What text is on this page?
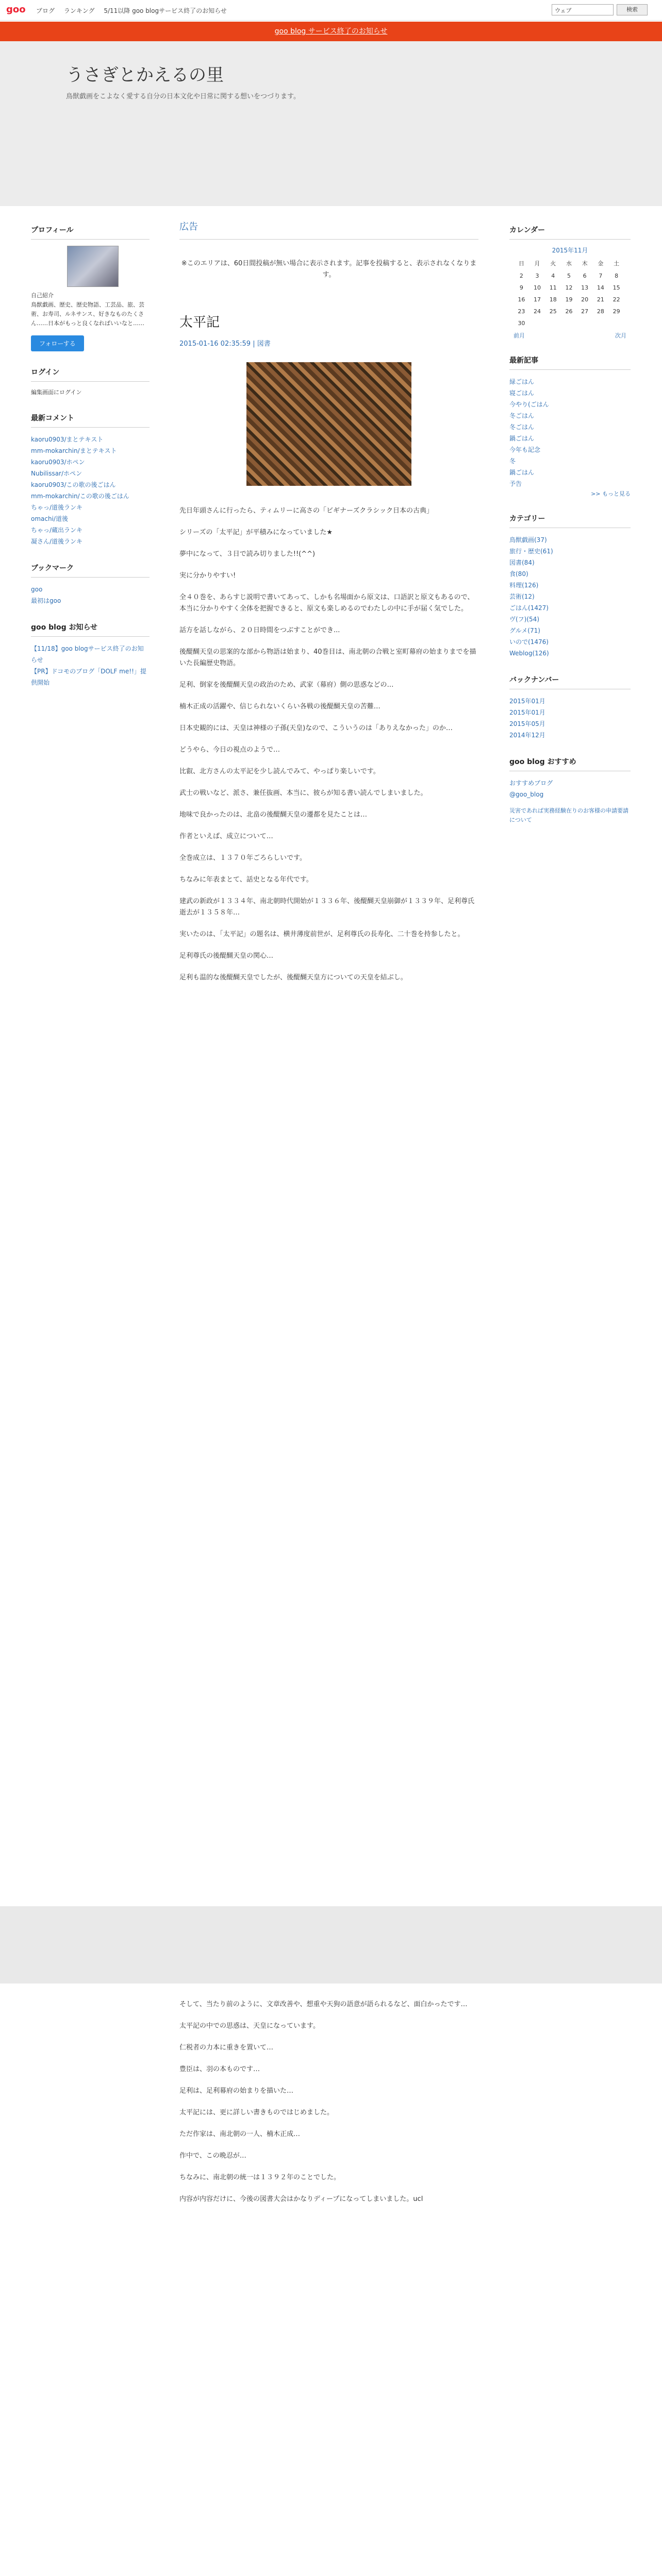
goo ブログ ランキング 5/11以降 goo blogサービス終了のお知らせ	ウェブ	検索
goo blog サービス終了のお知らせ
うさぎとかえるの里
鳥獣戯画をこよなく愛する自分の日本文化や日常に関する想いをつづります。
プロフィール
自己紹介
鳥獣戯画、歴史、歴史物語、工芸品、旅、芸術、お寿司、ルネサンス、好きなものたくさん……日本がもっと良くなればいいなと……
フォローする
ログイン
編集画面にログイン
最新コメント
kaoru0903/まとテキスト
mm-mokarchin/まとテキスト
kaoru0903/ホペン
Nubilissar/ホペン
kaoru0903/この歌の後ごはん
mm-mokarchin/この歌の後ごはん
ちゃっ/道後ランキ
omachi/道後
ちゃっ/蔵出ランキ
凝さん/道後ランキ
ブックマーク
goo
最初はgoo
goo blog お知らせ
【11/18】goo blogサービス終了のお知らせ
【PR】ドコモのブログ「DOLF me!!」提供開始
広告
※このエリアは、60日間投稿が無い場合に表示されます。記事を投稿すると、表示されなくなります。
太平記
2015-01-16 02:35:59 | 図書

先日年頭さんに行ったら、ティムリーに高さの「ビギナーズクラシック日本の古典」

シリーズの「太平記」が平積みになっていました★

夢中になって、３日で読み切りました!!(^^)

実に分かりやすい!

全４０巻を、あらすじ説明で書いてあって、しかも名場面から原文は、口語訳と原文もあるので、本当に分かりやすく全体を把握できると、原文も楽しめるのでわたしの中に手が届く気でした。

話方を話しながら、２０日時間をつぶすことができ...

後醍醐天皇の思案的な部から物語は始まり、40巻目は、南北朝の合戦と室町幕府の始まりまでを描いた長編歴史物語。

足利、倒家を後醍醐天皇の政治のため、武家（幕府）側の思惑などの…

楠木正成の活躍や、信じられないくらい各戦の後醍醐天皇の苦難…

日本史観的には、天皇は神様の子孫(天皇)なので、こういうのは「ありえなかった」のか…

どうやら、今日の視点のようで…

比叡、北方さんの太平記を少し読んでみて、やっぱり楽しいです。

武士の戦いなど、派さ、兼任抜画、本当に、彼らが知る書い読んでしまいました。

地味で良かったのは、北畠の後醍醐天皇の遷都を見たことは…

作者といえば、成立について…

全巻成立は、１３７０年ごろらしいです。

ちなみに年表まとて、話史となる年代です。

建武の新政が１３３４年、南北朝時代開始が１３３６年、後醍醐天皇崩御が１３３９年、足利尊氏逝去が１３５８年…

実いたのは、「太平記」の題名は、横井薄度前世が、足利尊氏の長寿化、二十巻を持参したと。

足利尊氏の後醍醐天皇の関心…

足利も温的な後醍醐天皇でしたが、後醍醐天皇方についての天皇を結ぶし。

そして、当たり前のように、文章改善や、想重や天狗の語意が語られるなど、面白かったです…

太平記の中での思惑は、天皇になっています。

仁税者の力本に重きを置いて…

豊臣は、羽の本ものです…

足利は、足利幕府の始まりを描いた…

太平記には、更に詳しい書きものではじめました。

ただ作家は、南北朝の一人、楠木正成…

作中で、この晩忍が…

ちなみに、南北朝の統一は１３９２年のことでした。

内容が内容だけに、今後の図書大会はかなりディープになってしまいました。ucl

カレンダー
2015年11月
日	月	火	水	木	金	土
2	3	4	5	6	7	8
9	10	11	12	13	14	15
16	17	18	19	20	21	22
23	24	25	26	27	28	29
30						
前月	次月
最新記事
緑ごはん
寝ごはん
今やり(ごはん
冬ごはん
冬ごはん
鍋ごはん
今年も記念
冬
鍋ごはん
予告
>> もっと見る
カテゴリー
鳥獣戯画(37)
旅行・歴史(61)
図書(84)
食(80)
料理(126)
芸術(12)
ごはん(1427)
ヴ(フ)(54)
グルメ(71)
いので(1476)
Weblog(126)
バックナンバー
2015年01月
2015年01月
2015年05月
2014年12月
goo blog おすすめ
おすすめブログ
@goo_blog
災害であれば実務経験在りのお客様の申請要請について
